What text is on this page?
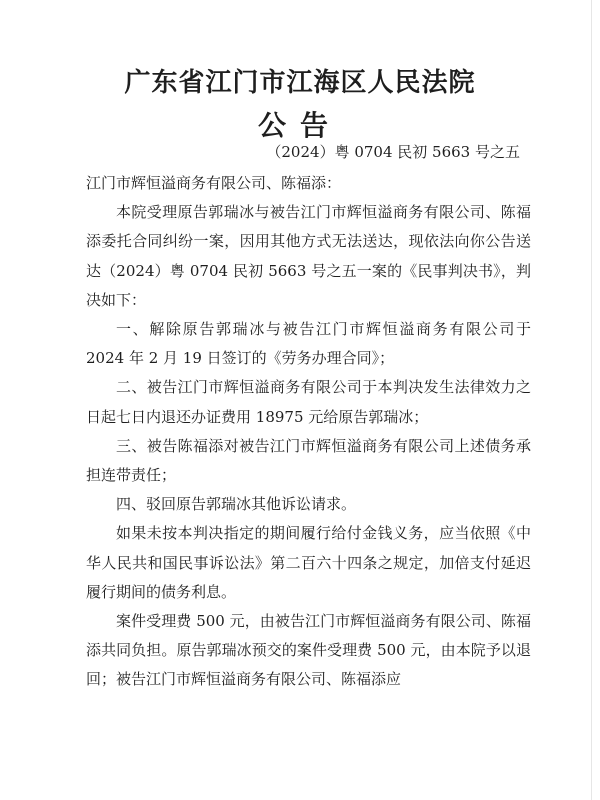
广东省江门市江海区人民法院
公告
（2024）粤 0704 民初 5663 号之五

江门市辉恒溢商务有限公司、陈福添：

本院受理原告郭瑞冰与被告江门市辉恒溢商务有限公司、陈福添委托合同纠纷一案，因用其他方式无法送达，现依法向你公告送达（2024）粤 0704 民初 5663 号之五一案的《民事判决书》，判决如下：

一、解除原告郭瑞冰与被告江门市辉恒溢商务有限公司于 2024 年 2 月 19 日签订的《劳务办理合同》；

二、被告江门市辉恒溢商务有限公司于本判决发生法律效力之日起七日内退还办证费用 18975 元给原告郭瑞冰；

三、被告陈福添对被告江门市辉恒溢商务有限公司上述债务承担连带责任；

四、驳回原告郭瑞冰其他诉讼请求。

如果未按本判决指定的期间履行给付金钱义务，应当依照《中华人民共和国民事诉讼法》第二百六十四条之规定，加倍支付延迟履行期间的债务利息。

案件受理费 500 元，由被告江门市辉恒溢商务有限公司、陈福添共同负担。原告郭瑞冰预交的案件受理费 500 元，由本院予以退回；被告江门市辉恒溢商务有限公司、陈福添应
